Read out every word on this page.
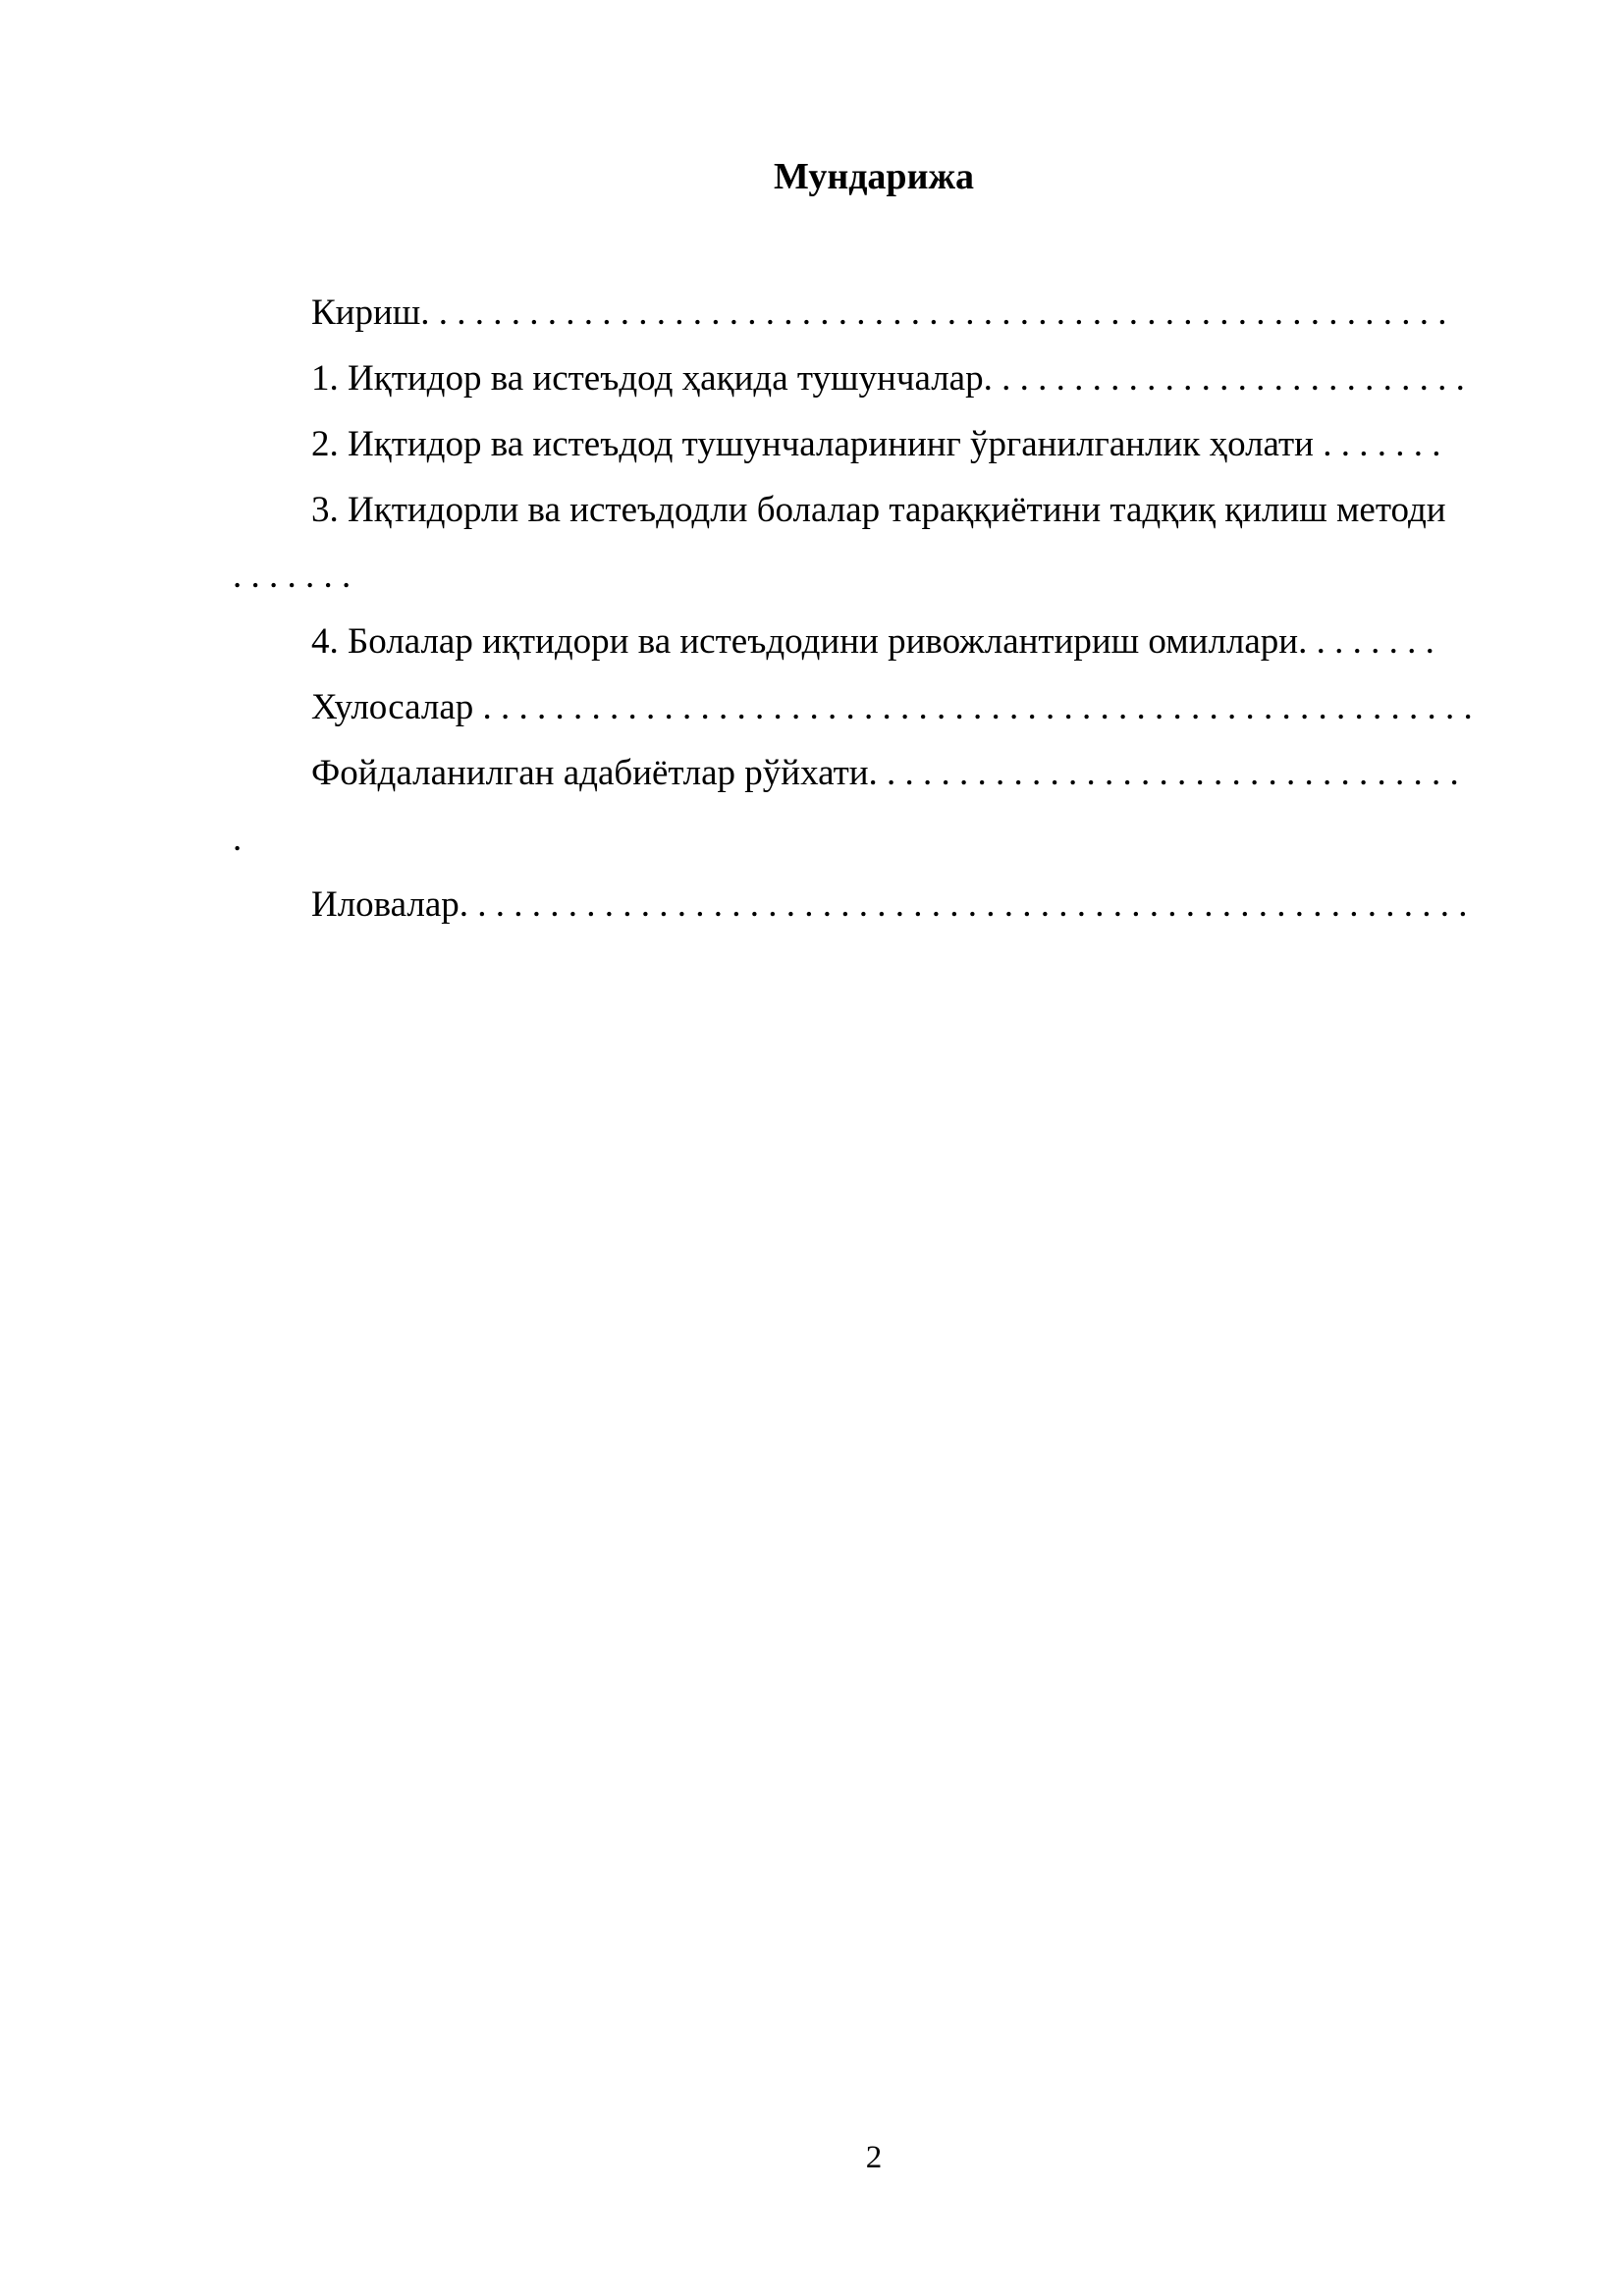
Мундарижа
Кириш. . . . . . . . . . . . . . . . . . . . . . . . . . . . . . . . . . . . . . . . . . . . . . . . . . . . . . . . .
1. Иқтидор ва истеъдод ҳақида тушунчалар. . . . . . . . . . . . . . . . . . . . . . . . . . .
2. Иқтидор ва истеъдод тушунчаларининг ўрганилганлик ҳолати . . . . . . .
3. Иқтидорли ва истеъдодли болалар тараққиётини тадқиқ қилиш методи
. . . . . . .
4. Болалар иқтидори ва истеъдодини ривожлантириш омиллари. . . . . . . .
Хулосалар . . . . . . . . . . . . . . . . . . . . . . . . . . . . . . . . . . . . . . . . . . . . . . . . . . . . . . .
Фойдаланилган адабиётлар рўйхати. . . . . . . . . . . . . . . . . . . . . . . . . . . . . . . . .
.
Иловалар. . . . . . . . . . . . . . . . . . . . . . . . . . . . . . . . . . . . . . . . . . . . . . . . . . . . . . . .
2
